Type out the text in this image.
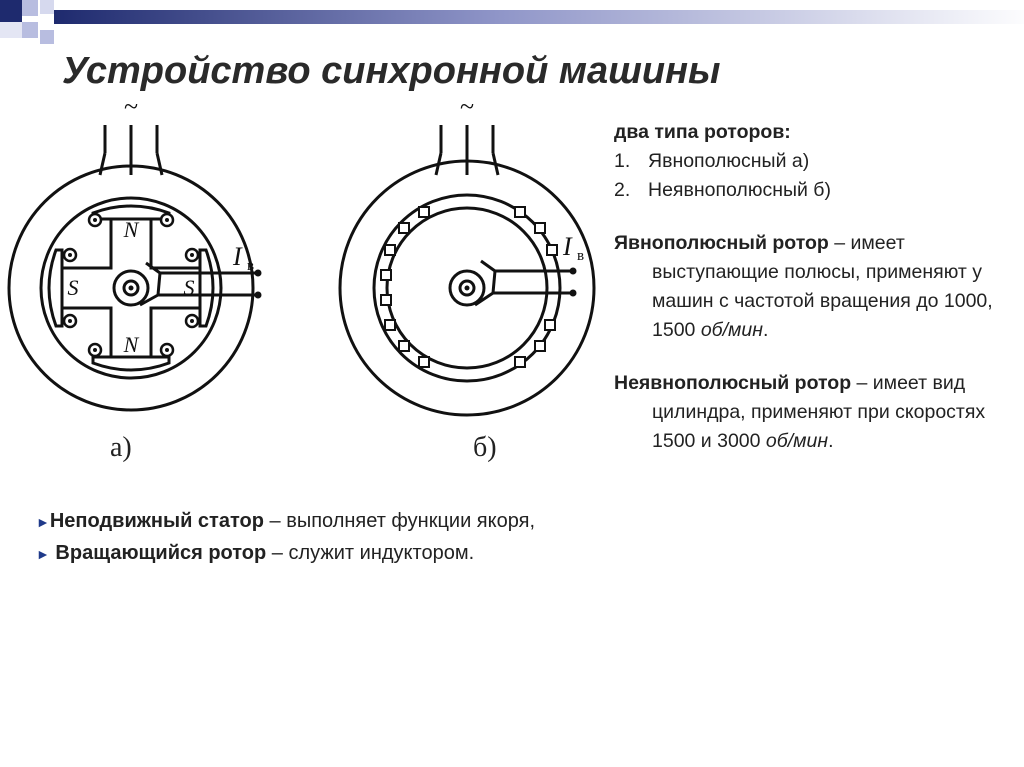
Устройство синхронной машины
~
N
N
S	S
I в
а)
~
I в
б)

два типа роторов:

1. Явнополюсный а)

2. Неявнополюсный б)

Явнополюсный ротор – имеет выступающие полюсы, применяют у машин с частотой вращения до 1000, 1500 об/мин.

Неявнополюсный ротор – имеет вид цилиндра, применяют при скоростях 1500 и 3000 об/мин.

►Неподвижный статор – выполняет функции якоря,

► Вращающийся ротор – служит индуктором.
